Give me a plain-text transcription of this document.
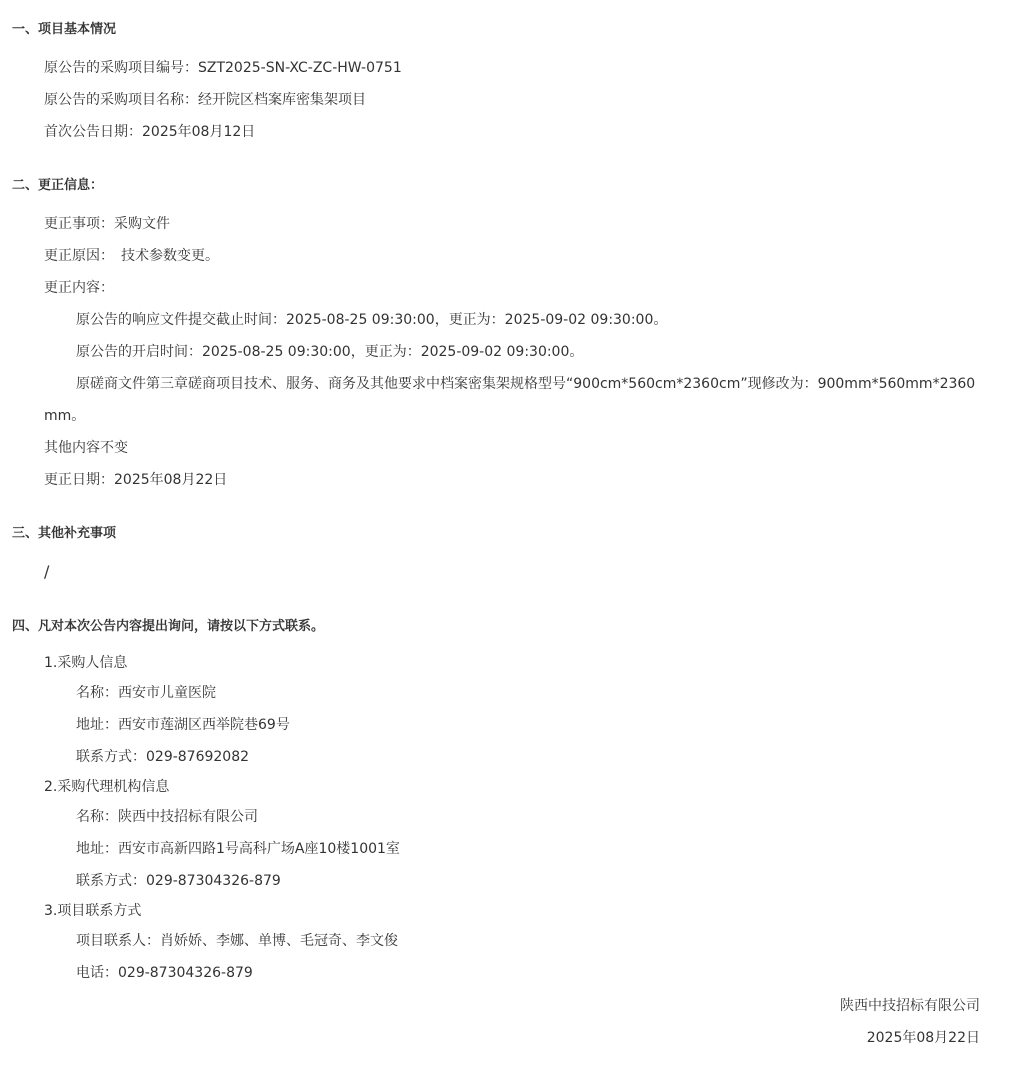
一、项目基本情况
原公告的采购项目编号：SZT2025-SN-XC-ZC-HW-0751
原公告的采购项目名称：经开院区档案库密集架项目
首次公告日期：2025年08月12日
二、更正信息：
更正事项：采购文件
更正原因：　技术参数变更。
更正内容：
原公告的响应文件提交截止时间：2025-08-25 09:30:00，更正为：2025-09-02 09:30:00。
原公告的开启时间：2025-08-25 09:30:00，更正为：2025-09-02 09:30:00。
原磋商文件第三章磋商项目技术、服务、商务及其他要求中档案密集架规格型号“900cm*560cm*2360cm”现修改为：900mm*560mm*2360mm。
其他内容不变
更正日期：2025年08月22日
三、其他补充事项
/
四、凡对本次公告内容提出询问，请按以下方式联系。
1.采购人信息
名称：西安市儿童医院
地址：西安市莲湖区西举院巷69号
联系方式：029-87692082
2.采购代理机构信息
名称：陕西中技招标有限公司
地址：西安市高新四路1号高科广场A座10楼1001室
联系方式：029-87304326-879
3.项目联系方式
项目联系人：肖娇娇、李娜、单博、毛冠奇、李文俊
电话：029-87304326-879
陕西中技招标有限公司
2025年08月22日
